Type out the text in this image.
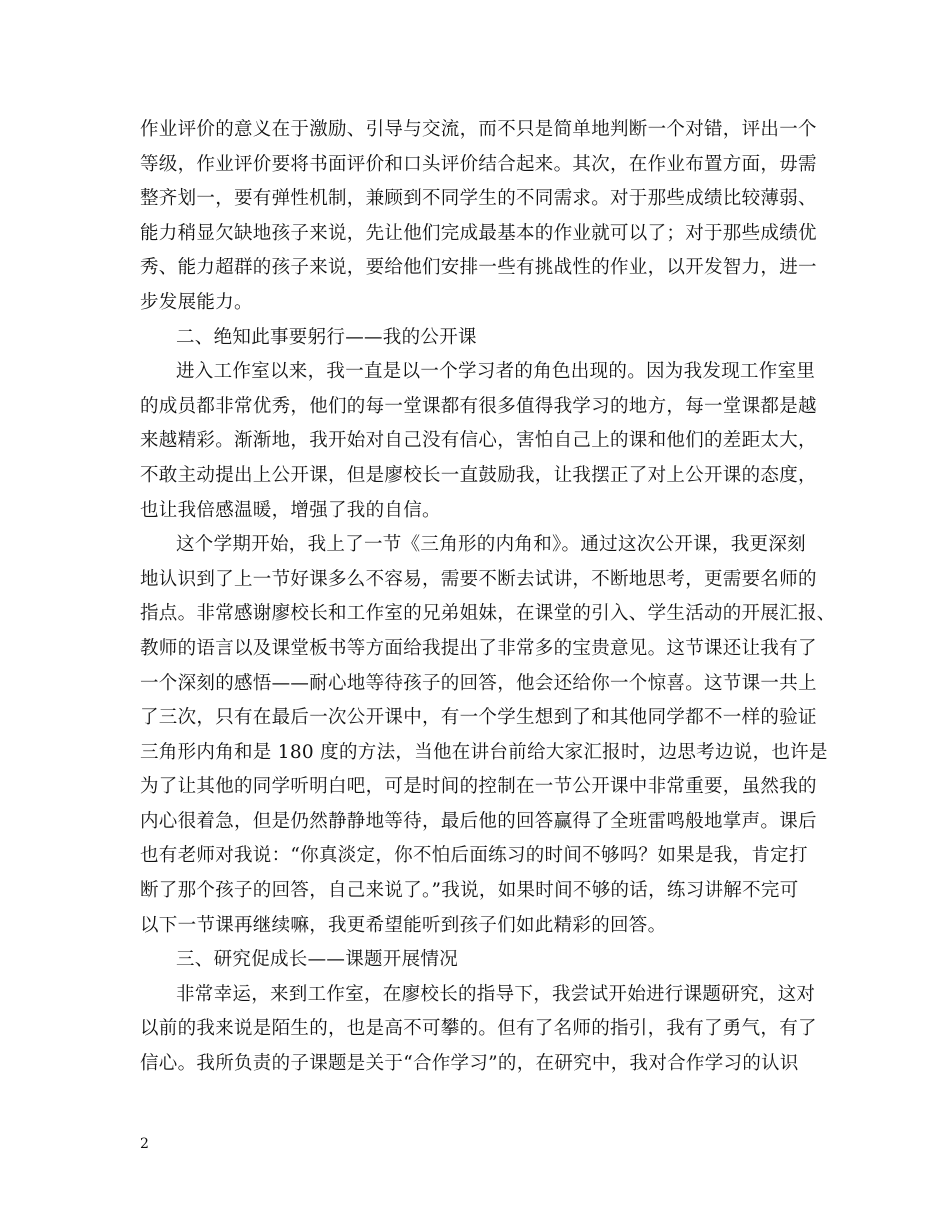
作业评价的意义在于激励、引导与交流，而不只是简单地判断一个对错，评出一个
等级，作业评价要将书面评价和口头评价结合起来。其次，在作业布置方面，毋需
整齐划一，要有弹性机制，兼顾到不同学生的不同需求。对于那些成绩比较薄弱、
能力稍显欠缺地孩子来说，先让他们完成最基本的作业就可以了；对于那些成绩优
秀、能力超群的孩子来说，要给他们安排一些有挑战性的作业，以开发智力，进一
步发展能力。
二、绝知此事要躬行——我的公开课
进入工作室以来，我一直是以一个学习者的角色出现的。因为我发现工作室里
的成员都非常优秀，他们的每一堂课都有很多值得我学习的地方，每一堂课都是越
来越精彩。渐渐地，我开始对自己没有信心，害怕自己上的课和他们的差距太大，
不敢主动提出上公开课，但是廖校长一直鼓励我，让我摆正了对上公开课的态度，
也让我倍感温暖，增强了我的自信。
这个学期开始，我上了一节《三角形的内角和》。通过这次公开课，我更深刻
地认识到了上一节好课多么不容易，需要不断去试讲，不断地思考，更需要名师的
指点。非常感谢廖校长和工作室的兄弟姐妹，在课堂的引入、学生活动的开展汇报、
教师的语言以及课堂板书等方面给我提出了非常多的宝贵意见。这节课还让我有了
一个深刻的感悟——耐心地等待孩子的回答，他会还给你一个惊喜。这节课一共上
了三次，只有在最后一次公开课中，有一个学生想到了和其他同学都不一样的验证
三角形内角和是 180 度的方法，当他在讲台前给大家汇报时，边思考边说，也许是
为了让其他的同学听明白吧，可是时间的控制在一节公开课中非常重要，虽然我的
内心很着急，但是仍然静静地等待，最后他的回答赢得了全班雷鸣般地掌声。课后
也有老师对我说：“你真淡定，你不怕后面练习的时间不够吗？如果是我，肯定打
断了那个孩子的回答，自己来说了。”我说，如果时间不够的话，练习讲解不完可
以下一节课再继续嘛，我更希望能听到孩子们如此精彩的回答。
三、研究促成长——课题开展情况
非常幸运，来到工作室，在廖校长的指导下，我尝试开始进行课题研究，这对
以前的我来说是陌生的，也是高不可攀的。但有了名师的指引，我有了勇气，有了
信心。我所负责的子课题是关于“合作学习”的，在研究中，我对合作学习的认识
2
